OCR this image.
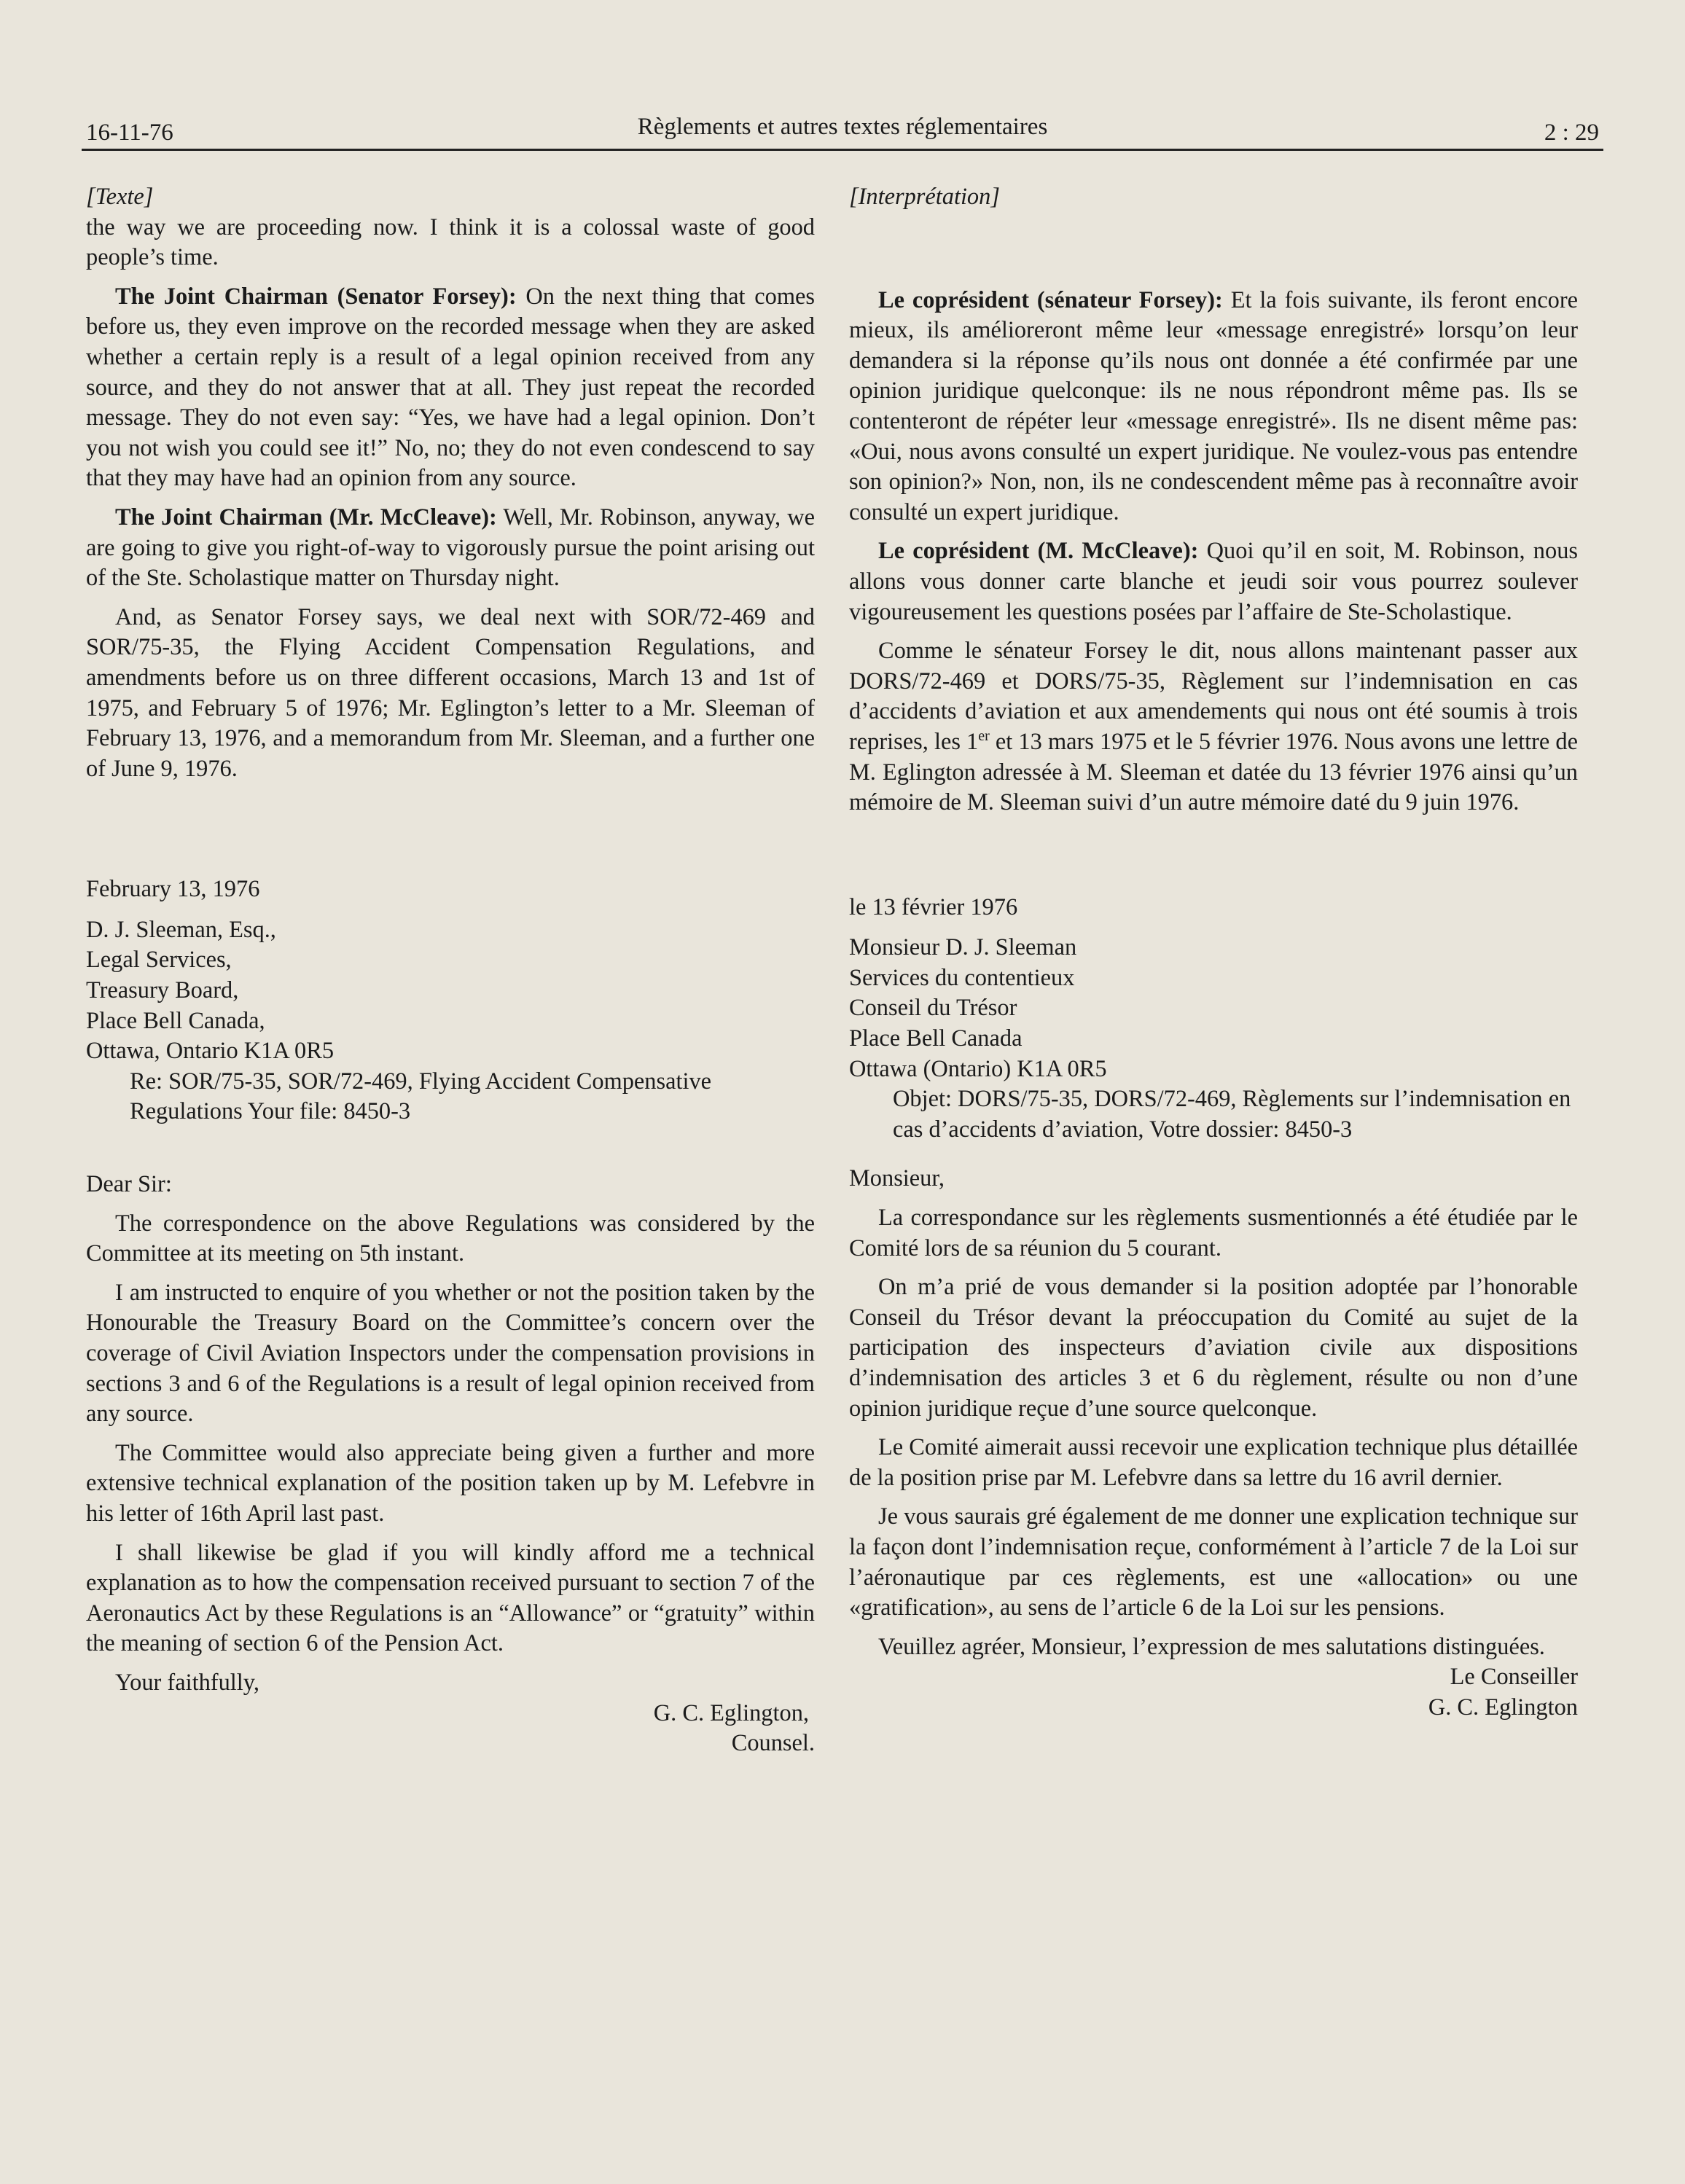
16-11-76	Règlements et autres textes réglementaires	2 : 29

[Texte]

the way we are proceeding now. I think it is a colossal waste of good people’s time.

The Joint Chairman (Senator Forsey): On the next thing that comes before us, they even improve on the recorded message when they are asked whether a certain reply is a result of a legal opinion received from any source, and they do not answer that at all. They just repeat the recorded message. They do not even say: “Yes, we have had a legal opinion. Don’t you not wish you could see it!” No, no; they do not even condescend to say that they may have had an opinion from any source.

The Joint Chairman (Mr. McCleave): Well, Mr. Robinson, anyway, we are going to give you right-of-way to vigorously pursue the point arising out of the Ste. Scholastique matter on Thursday night.

And, as Senator Forsey says, we deal next with SOR/72-469 and SOR/75-35, the Flying Accident Compensation Regulations, and amendments before us on three different occasions, March 13 and 1st of 1975, and February 5 of 1976; Mr. Eglington’s letter to a Mr. Sleeman of February 13, 1976, and a memorandum from Mr. Sleeman, and a further one of June 9, 1976.

February 13, 1976

D. J. Sleeman, Esq.,

Legal Services,

Treasury Board,

Place Bell Canada,

Ottawa, Ontario K1A 0R5

Re: SOR/75-35, SOR/72-469, Flying Accident Compensative Regulations Your file: 8450-3

Dear Sir:

The correspondence on the above Regulations was considered by the Committee at its meeting on 5th instant.

I am instructed to enquire of you whether or not the position taken by the Honourable the Treasury Board on the Committee’s concern over the coverage of Civil Aviation Inspectors under the compensation provisions in sections 3 and 6 of the Regulations is a result of legal opinion received from any source.

The Committee would also appreciate being given a further and more extensive technical explanation of the position taken up by M. Lefebvre in his letter of 16th April last past.

I shall likewise be glad if you will kindly afford me a technical explanation as to how the compensation received pursuant to section 7 of the Aeronautics Act by these Regulations is an “Allowance” or “gratuity” within the meaning of section 6 of the Pension Act.

Your faithfully,

G. C. Eglington,

Counsel.

[Interprétation]

Le coprésident (sénateur Forsey): Et la fois suivante, ils feront encore mieux, ils amélioreront même leur «message enregistré» lorsqu’on leur demandera si la réponse qu’ils nous ont donnée a été confirmée par une opinion juridique quelconque: ils ne nous répondront même pas. Ils se contenteront de répéter leur «message enregistré». Ils ne disent même pas: «Oui, nous avons consulté un expert juridique. Ne voulez-vous pas entendre son opinion?» Non, non, ils ne condescendent même pas à reconnaître avoir consulté un expert juridique.

Le coprésident (M. McCleave): Quoi qu’il en soit, M. Robinson, nous allons vous donner carte blanche et jeudi soir vous pourrez soulever vigoureusement les questions posées par l’affaire de Ste-Scholastique.

Comme le sénateur Forsey le dit, nous allons maintenant passer aux DORS/72-469 et DORS/75-35, Règlement sur l’indemnisation en cas d’accidents d’aviation et aux amendements qui nous ont été soumis à trois reprises, les 1er et 13 mars 1975 et le 5 février 1976. Nous avons une lettre de M. Eglington adressée à M. Sleeman et datée du 13 février 1976 ainsi qu’un mémoire de M. Sleeman suivi d’un autre mémoire daté du 9 juin 1976.

le 13 février 1976

Monsieur D. J. Sleeman

Services du contentieux

Conseil du Trésor

Place Bell Canada

Ottawa (Ontario) K1A 0R5

Objet: DORS/75-35, DORS/72-469, Règlements sur l’indemnisation en cas d’accidents d’aviation, Votre dossier: 8450-3

Monsieur,

La correspondance sur les règlements susmentionnés a été étudiée par le Comité lors de sa réunion du 5 courant.

On m’a prié de vous demander si la position adoptée par l’honorable Conseil du Trésor devant la préoccupation du Comité au sujet de la participation des inspecteurs d’aviation civile aux dispositions d’indemnisation des articles 3 et 6 du règlement, résulte ou non d’une opinion juridique reçue d’une source quelconque.

Le Comité aimerait aussi recevoir une explication technique plus détaillée de la position prise par M. Lefebvre dans sa lettre du 16 avril dernier.

Je vous saurais gré également de me donner une explication technique sur la façon dont l’indemnisation reçue, conformément à l’article 7 de la Loi sur l’aéronautique par ces règlements, est une «allocation» ou une «gratification», au sens de l’article 6 de la Loi sur les pensions.

Veuillez agréer, Monsieur, l’expression de mes salutations distinguées.

Le Conseiller

G. C. Eglington
